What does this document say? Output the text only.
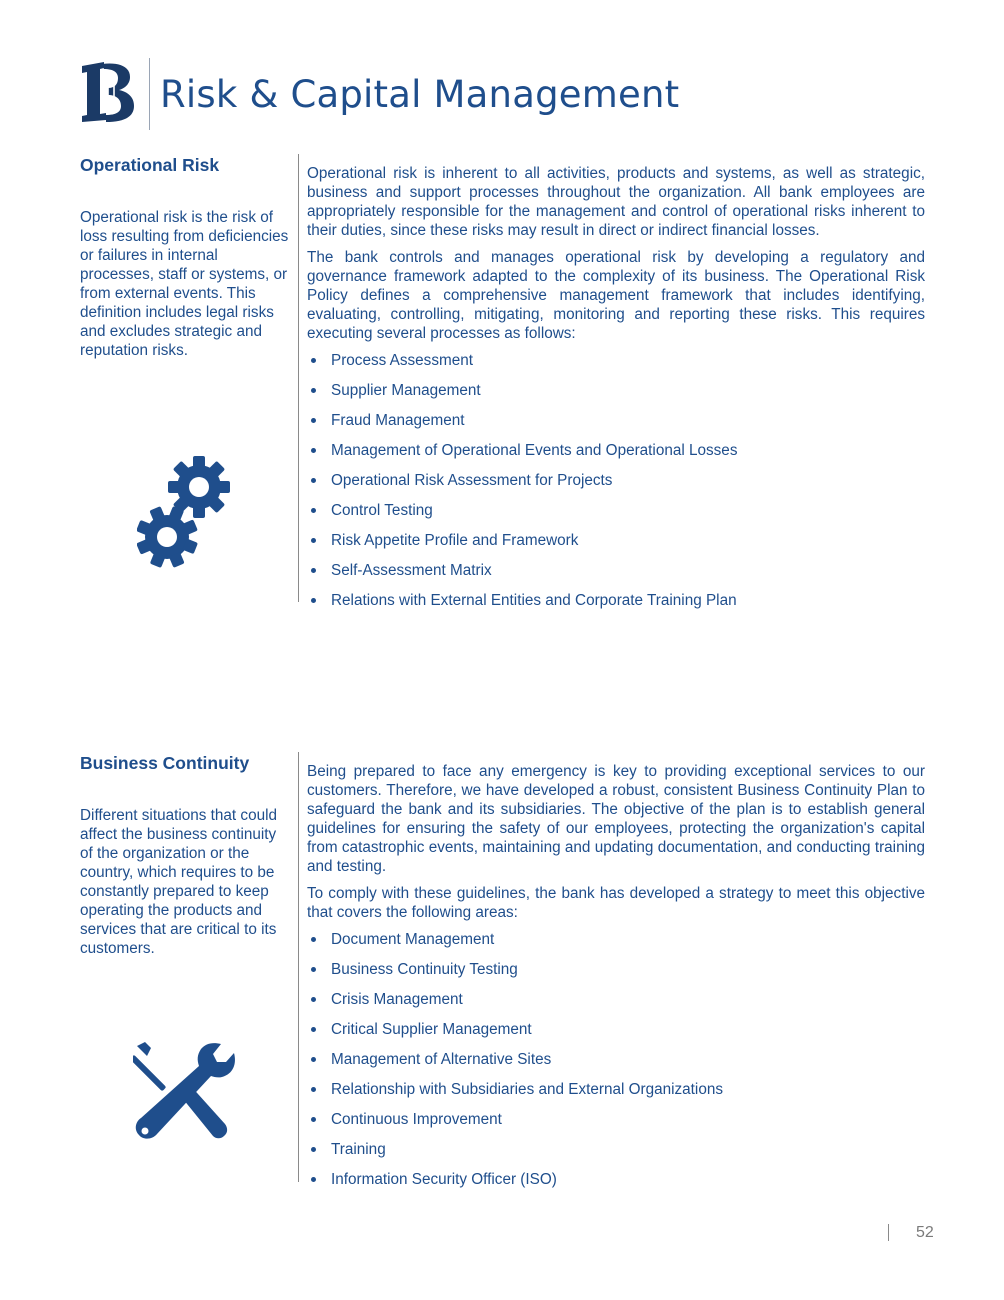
Risk & Capital Management
Operational Risk

Operational risk is the risk of loss resulting from deficiencies or failures in internal processes, staff or systems, or from external events. This definition includes legal risks and excludes strategic and reputation risks.

Operational risk is inherent to all activities, products and systems, as well as strategic, business and support processes throughout the organization. All bank employees are appropriately responsible for the management and control of operational risks inherent to their duties, since these risks may result in direct or indirect financial losses.

The bank controls and manages operational risk by developing a regulatory and governance framework adapted to the complexity of its business. The Operational Risk Policy defines a comprehensive management framework that includes identifying, evaluating, controlling, mitigating, monitoring and reporting these risks. This requires executing several processes as follows:

Process Assessment
Supplier Management
Fraud Management
Management of Operational Events and Operational Losses
Operational Risk Assessment for Projects
Control Testing
Risk Appetite Profile and Framework
Self-Assessment Matrix
Relations with External Entities and Corporate Training Plan
Business Continuity

Different situations that could affect the business continuity of the organization or the country, which requires to be constantly prepared to keep operating the products and services that are critical to its customers.

Being prepared to face any emergency is key to providing exceptional services to our customers. Therefore, we have developed a robust, consistent Business Continuity Plan to safeguard the bank and its subsidiaries. The objective of the plan is to establish general guidelines for ensuring the safety of our employees, protecting the organization's capital from catastrophic events, maintaining and updating documentation, and conducting training and testing.

To comply with these guidelines, the bank has developed a strategy to meet this objective that covers the following areas:

Document Management
Business Continuity Testing
Crisis Management
Critical Supplier Management
Management of Alternative Sites
Relationship with Subsidiaries and External Organizations
Continuous Improvement
Training
Information Security Officer (ISO)
52
